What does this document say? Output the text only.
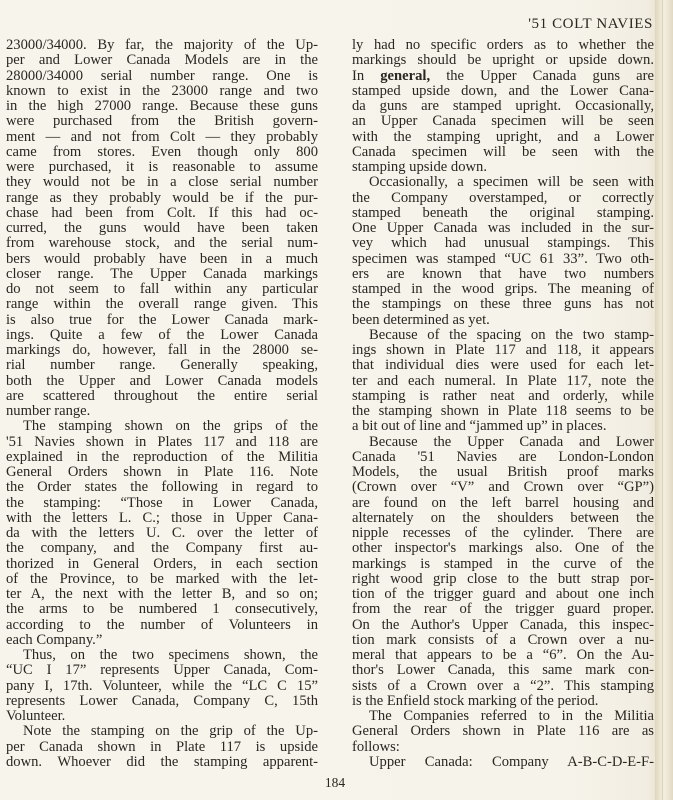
'51 COLT NAVIES
23000/34000. By far, the majority of the Up-
per and Lower Canada Models are in the
28000/34000 serial number range. One is
known to exist in the 23000 range and two
in the high 27000 range. Because these guns
were purchased from the British govern-
ment — and not from Colt — they probably
came from stores. Even though only 800
were purchased, it is reasonable to assume
they would not be in a close serial number
range as they probably would be if the pur-
chase had been from Colt. If this had oc-
curred, the guns would have been taken
from warehouse stock, and the serial num-
bers would probably have been in a much
closer range. The Upper Canada markings
do not seem to fall within any particular
range within the overall range given. This
is also true for the Lower Canada mark-
ings. Quite a few of the Lower Canada
markings do, however, fall in the 28000 se-
rial number range. Generally speaking,
both the Upper and Lower Canada models
are scattered throughout the entire serial
number range.
The stamping shown on the grips of the
'51 Navies shown in Plates 117 and 118 are
explained in the reproduction of the Militia
General Orders shown in Plate 116. Note
the Order states the following in regard to
the stamping: “Those in Lower Canada,
with the letters L. C.; those in Upper Cana-
da with the letters U. C. over the letter of
the company, and the Company first au-
thorized in General Orders, in each section
of the Province, to be marked with the let-
ter A, the next with the letter B, and so on;
the arms to be numbered 1 consecutively,
according to the number of Volunteers in
each Company.”
Thus, on the two specimens shown, the
“UC I 17” represents Upper Canada, Com-
pany I, 17th. Volunteer, while the “LC C 15”
represents Lower Canada, Company C, 15th
Volunteer.
Note the stamping on the grip of the Up-
per Canada shown in Plate 117 is upside
down. Whoever did the stamping apparent-
ly had no specific orders as to whether the
markings should be upright or upside down.
In general, the Upper Canada guns are
stamped upside down, and the Lower Cana-
da guns are stamped upright. Occasionally,
an Upper Canada specimen will be seen
with the stamping upright, and a Lower
Canada specimen will be seen with the
stamping upside down.
Occasionally, a specimen will be seen with
the Company overstamped, or correctly
stamped beneath the original stamping.
One Upper Canada was included in the sur-
vey which had unusual stampings. This
specimen was stamped “UC 61 33”. Two oth-
ers are known that have two numbers
stamped in the wood grips. The meaning of
the stampings on these three guns has not
been determined as yet.
Because of the spacing on the two stamp-
ings shown in Plate 117 and 118, it appears
that individual dies were used for each let-
ter and each numeral. In Plate 117, note the
stamping is rather neat and orderly, while
the stamping shown in Plate 118 seems to be
a bit out of line and “jammed up” in places.
Because the Upper Canada and Lower
Canada '51 Navies are London-London
Models, the usual British proof marks
(Crown over “V” and Crown over “GP”)
are found on the left barrel housing and
alternately on the shoulders between the
nipple recesses of the cylinder. There are
other inspector's markings also. One of the
markings is stamped in the curve of the
right wood grip close to the butt strap por-
tion of the trigger guard and about one inch
from the rear of the trigger guard proper.
On the Author's Upper Canada, this inspec-
tion mark consists of a Crown over a nu-
meral that appears to be a “6”. On the Au-
thor's Lower Canada, this same mark con-
sists of a Crown over a “2”. This stamping
is the Enfield stock marking of the period.
The Companies referred to in the Militia
General Orders shown in Plate 116 are as
follows:
Upper Canada: Company A-B-C-D-E-F-
184
